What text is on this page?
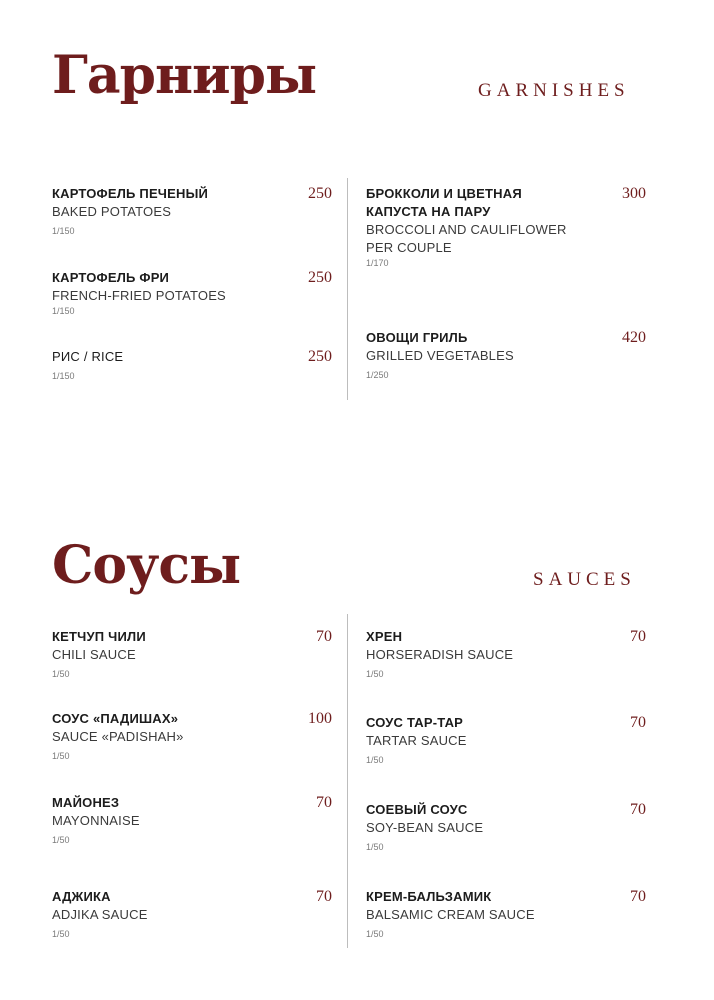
Гарниры	GARNISHES
КАРТОФЕЛЬ ПЕЧЕНЫЙ
BAKED POTATOES
1/150
250
КАРТОФЕЛЬ ФРИ
FRENCH-FRIED POTATOES
1/150
250
РИС / RICE
1/150
250
БРОККОЛИ И ЦВЕТНАЯ КАПУСТА НА ПАРУ
BROCCOLI AND CAULIFLOWER PER COUPLE
1/170
300
ОВОЩИ ГРИЛЬ
GRILLED VEGETABLES
1/250
420
Соусы	SAUCES
КЕТЧУП ЧИЛИ
CHILI SAUCE
1/50
70
СОУС «ПАДИШАХ»
SAUCE «PADISHAH»
1/50
100
МАЙОНЕЗ
MAYONNAISE
1/50
70
АДЖИКА
ADJIKA SAUCE
1/50
70
ХРЕН
HORSERADISH SAUCE
1/50
70
СОУС ТАР-ТАР
TARTAR SAUCE
1/50
70
СОЕВЫЙ СОУС
SOY-BEAN SAUCE
1/50
70
КРЕМ-БАЛЬЗАМИК
BALSAMIC CREAM SAUCE
1/50
70
